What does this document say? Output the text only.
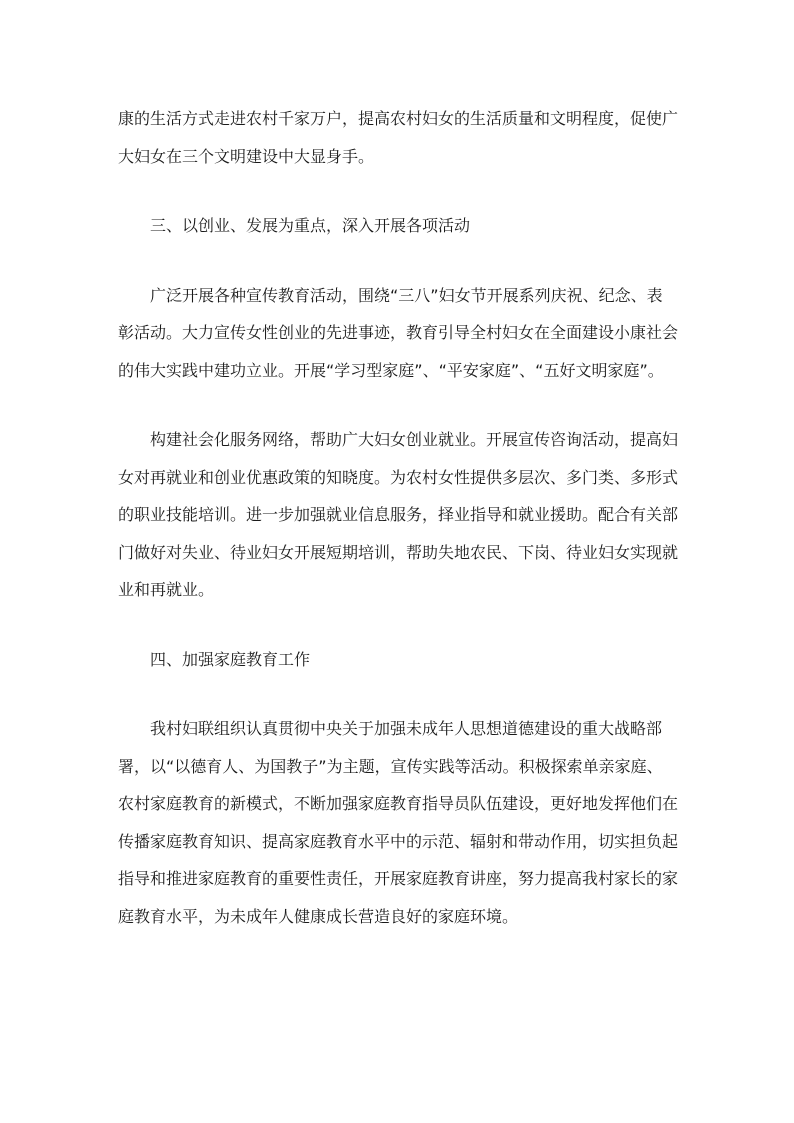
康的生活方式走进农村千家万户，提高农村妇女的生活质量和文明程度，促使广
大妇女在三个文明建设中大显身手。
三、以创业、发展为重点，深入开展各项活动
广泛开展各种宣传教育活动，围绕“三八”妇女节开展系列庆祝、纪念、表
彰活动。大力宣传女性创业的先进事迹，教育引导全村妇女在全面建设小康社会
的伟大实践中建功立业。开展“学习型家庭”、“平安家庭”、“五好文明家庭”。
构建社会化服务网络，帮助广大妇女创业就业。开展宣传咨询活动，提高妇
女对再就业和创业优惠政策的知晓度。为农村女性提供多层次、多门类、多形式
的职业技能培训。进一步加强就业信息服务，择业指导和就业援助。配合有关部
门做好对失业、待业妇女开展短期培训，帮助失地农民、下岗、待业妇女实现就
业和再就业。
四、加强家庭教育工作
我村妇联组织认真贯彻中央关于加强未成年人思想道德建设的重大战略部
署，以“以德育人、为国教子”为主题，宣传实践等活动。积极探索单亲家庭、
农村家庭教育的新模式，不断加强家庭教育指导员队伍建设，更好地发挥他们在
传播家庭教育知识、提高家庭教育水平中的示范、辐射和带动作用，切实担负起
指导和推进家庭教育的重要性责任，开展家庭教育讲座，努力提高我村家长的家
庭教育水平，为未成年人健康成长营造良好的家庭环境。
